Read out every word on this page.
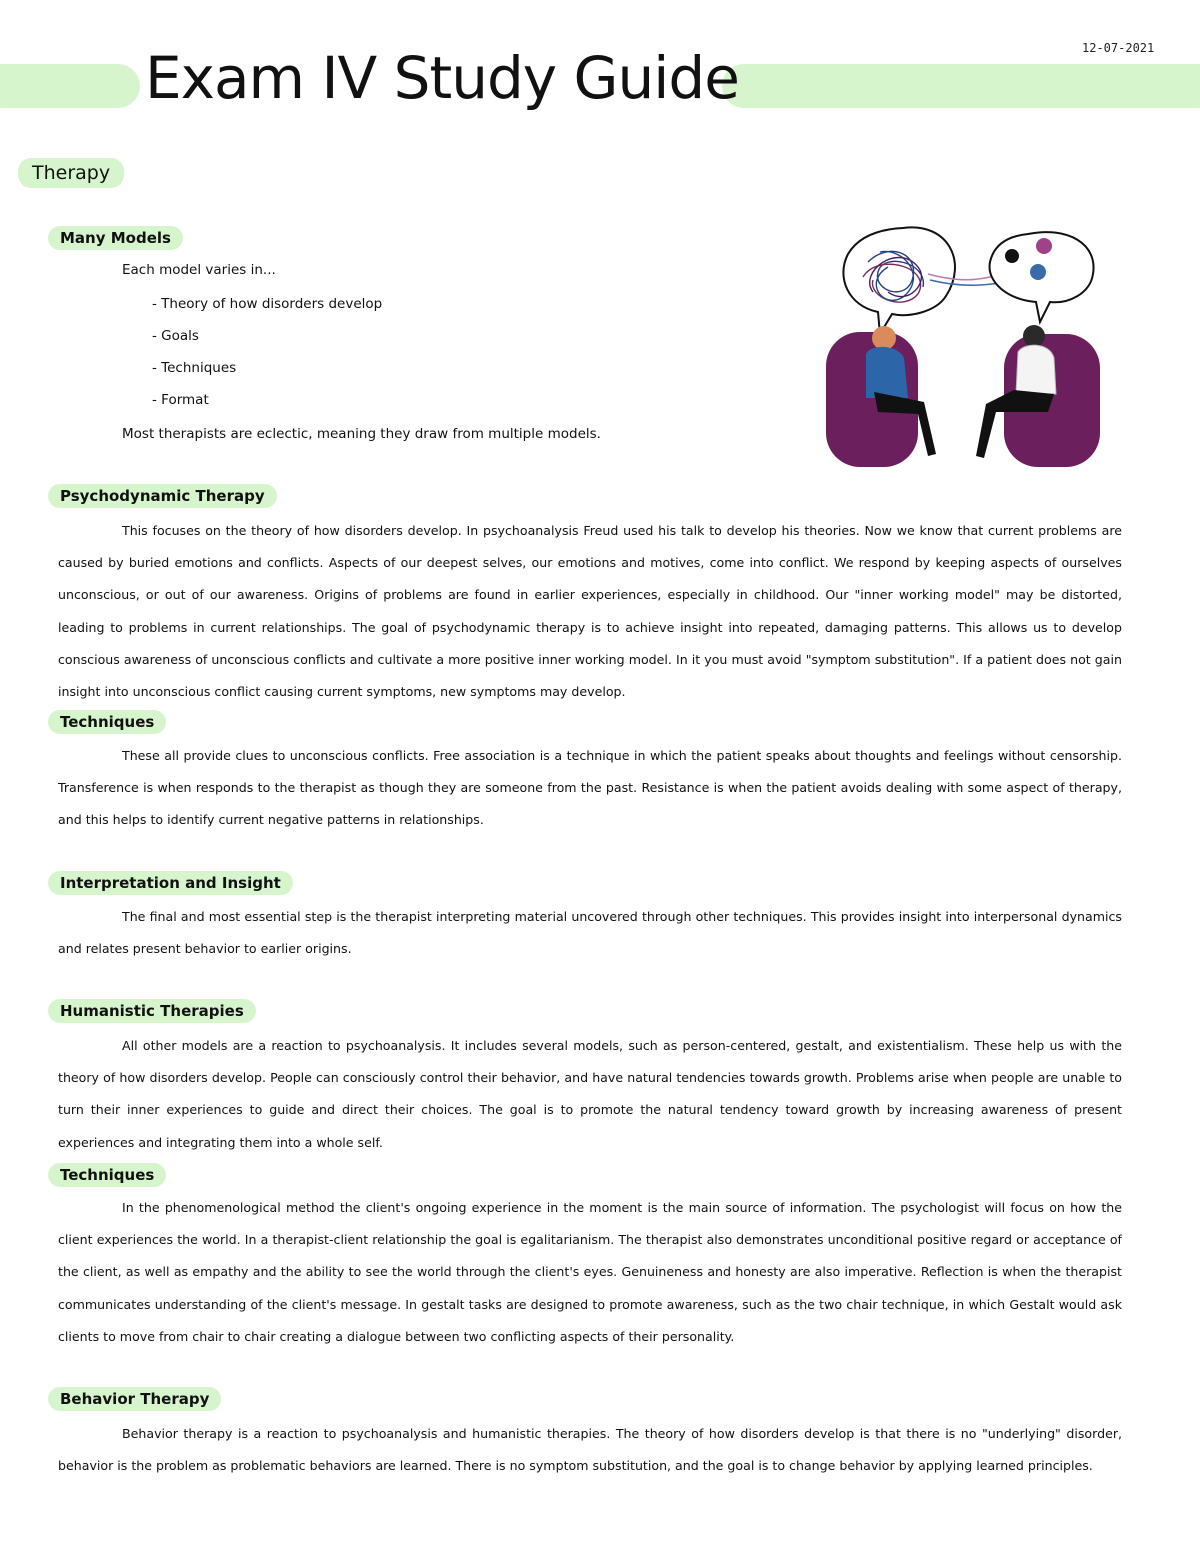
Exam IV Study Guide	12-07-2021
Therapy
Many Models
Each model varies in...
- Theory of how disorders develop
- Goals
- Techniques
- Format
Most therapists are eclectic, meaning they draw from multiple models.
Psychodynamic Therapy

This focuses on the theory of how disorders develop. In psychoanalysis Freud used his talk to develop his theories. Now we know that current problems are caused by buried emotions and conflicts. Aspects of our deepest selves, our emotions and motives, come into conflict. We respond by keeping aspects of ourselves unconscious, or out of our awareness. Origins of problems are found in earlier experiences, especially in childhood. Our "inner working model" may be distorted, leading to problems in current relationships. The goal of psychodynamic therapy is to achieve insight into repeated, damaging patterns. This allows us to develop conscious awareness of unconscious conflicts and cultivate a more positive inner working model. In it you must avoid "symptom substitution". If a patient does not gain insight into unconscious conflict causing current symptoms, new symptoms may develop.

Techniques

These all provide clues to unconscious conflicts. Free association is a technique in which the patient speaks about thoughts and feelings without censorship. Transference is when responds to the therapist as though they are someone from the past. Resistance is when the patient avoids dealing with some aspect of therapy, and this helps to identify current negative patterns in relationships.

Interpretation and Insight

The final and most essential step is the therapist interpreting material uncovered through other techniques. This provides insight into interpersonal dynamics and relates present behavior to earlier origins.

Humanistic Therapies

All other models are a reaction to psychoanalysis. It includes several models, such as person-centered, gestalt, and existentialism. These help us with the theory of how disorders develop. People can consciously control their behavior, and have natural tendencies towards growth. Problems arise when people are unable to turn their inner experiences to guide and direct their choices. The goal is to promote the natural tendency toward growth by increasing awareness of present experiences and integrating them into a whole self.

Techniques

In the phenomenological method the client's ongoing experience in the moment is the main source of information. The psychologist will focus on how the client experiences the world. In a therapist-client relationship the goal is egalitarianism. The therapist also demonstrates unconditional positive regard or acceptance of the client, as well as empathy and the ability to see the world through the client's eyes. Genuineness and honesty are also imperative. Reflection is when the therapist communicates understanding of the client's message. In gestalt tasks are designed to promote awareness, such as the two chair technique, in which Gestalt would ask clients to move from chair to chair creating a dialogue between two conflicting aspects of their personality.

Behavior Therapy

Behavior therapy is a reaction to psychoanalysis and humanistic therapies. The theory of how disorders develop is that there is no "underlying" disorder, behavior is the problem as problematic behaviors are learned. There is no symptom substitution, and the goal is to change behavior by applying learned principles.
